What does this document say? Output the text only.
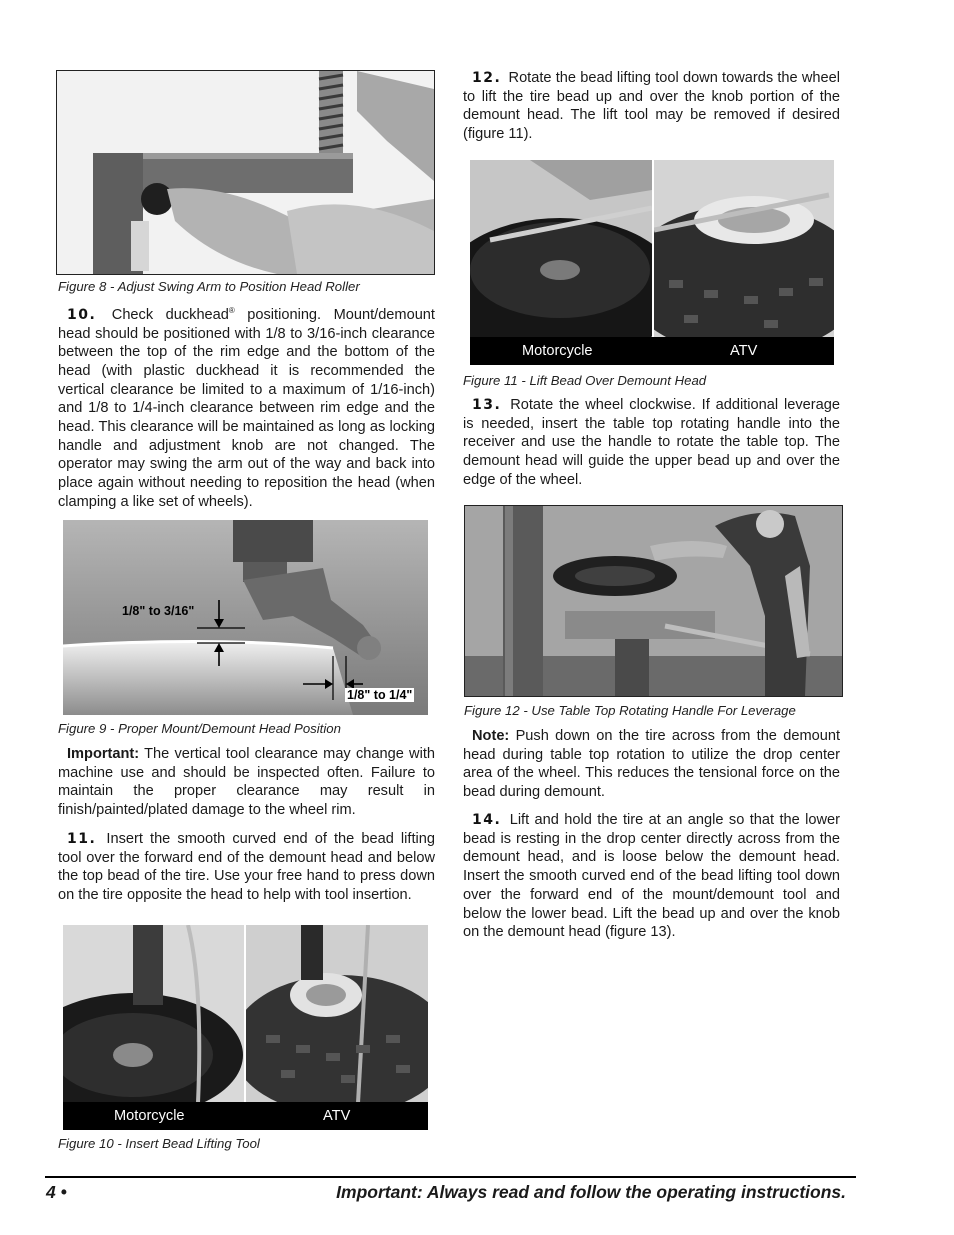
Figure 8 - Adjust Swing Arm to Position Head Roller

10. Check duckhead® positioning. Mount/demount head should be positioned with 1/8 to 3/16-inch clearance between the top of the rim edge and the bottom of the head (with plastic duckhead it is recommended the vertical clearance be limited to a maximum of 1/16-inch) and 1/8 to 1/4-inch clearance between rim edge and the head. This clearance will be maintained as long as locking handle and adjustment knob are not changed. The operator may swing the arm out of the way and back into place again without needing to reposition the head (when clamping a like set of wheels).

1/8" to 3/16"
1/8" to 1/4"
Figure 9 - Proper Mount/Demount Head Position

Important: The vertical tool clearance may change with machine use and should be inspected often. Failure to maintain the proper clearance may result in finish/painted/plated damage to the wheel rim.

11. Insert the smooth curved end of the bead lifting tool over the forward end of the demount head and below the top bead of the tire. Use your free hand to press down on the tire opposite the head to help with tool insertion.

Motorcycle	ATV
Figure 10 - Insert Bead Lifting Tool

12. Rotate the bead lifting tool down towards the wheel to lift the tire bead up and over the knob portion of the demount head. The lift tool may be removed if desired (figure 11).

Motorcycle	ATV
Figure 11 - Lift Bead Over Demount Head

13. Rotate the wheel clockwise. If additional leverage is needed, insert the table top rotating handle into the receiver and use the handle to rotate the table top. The demount head will guide the upper bead up and over the edge of the wheel.

Figure 12 - Use Table Top Rotating Handle For Leverage

Note: Push down on the tire across from the demount head during table top rotation to utilize the drop center area of the wheel. This reduces the tensional force on the bead during demount.

14. Lift and hold the tire at an angle so that the lower bead is resting in the drop center directly across from the demount head, and is loose below the demount head. Insert the smooth curved end of the bead lifting tool down over the forward end of the mount/demount tool and below the lower bead. Lift the bead up and over the knob on the demount head (figure 13).

4 •	Important: Always read and follow the operating instructions.
